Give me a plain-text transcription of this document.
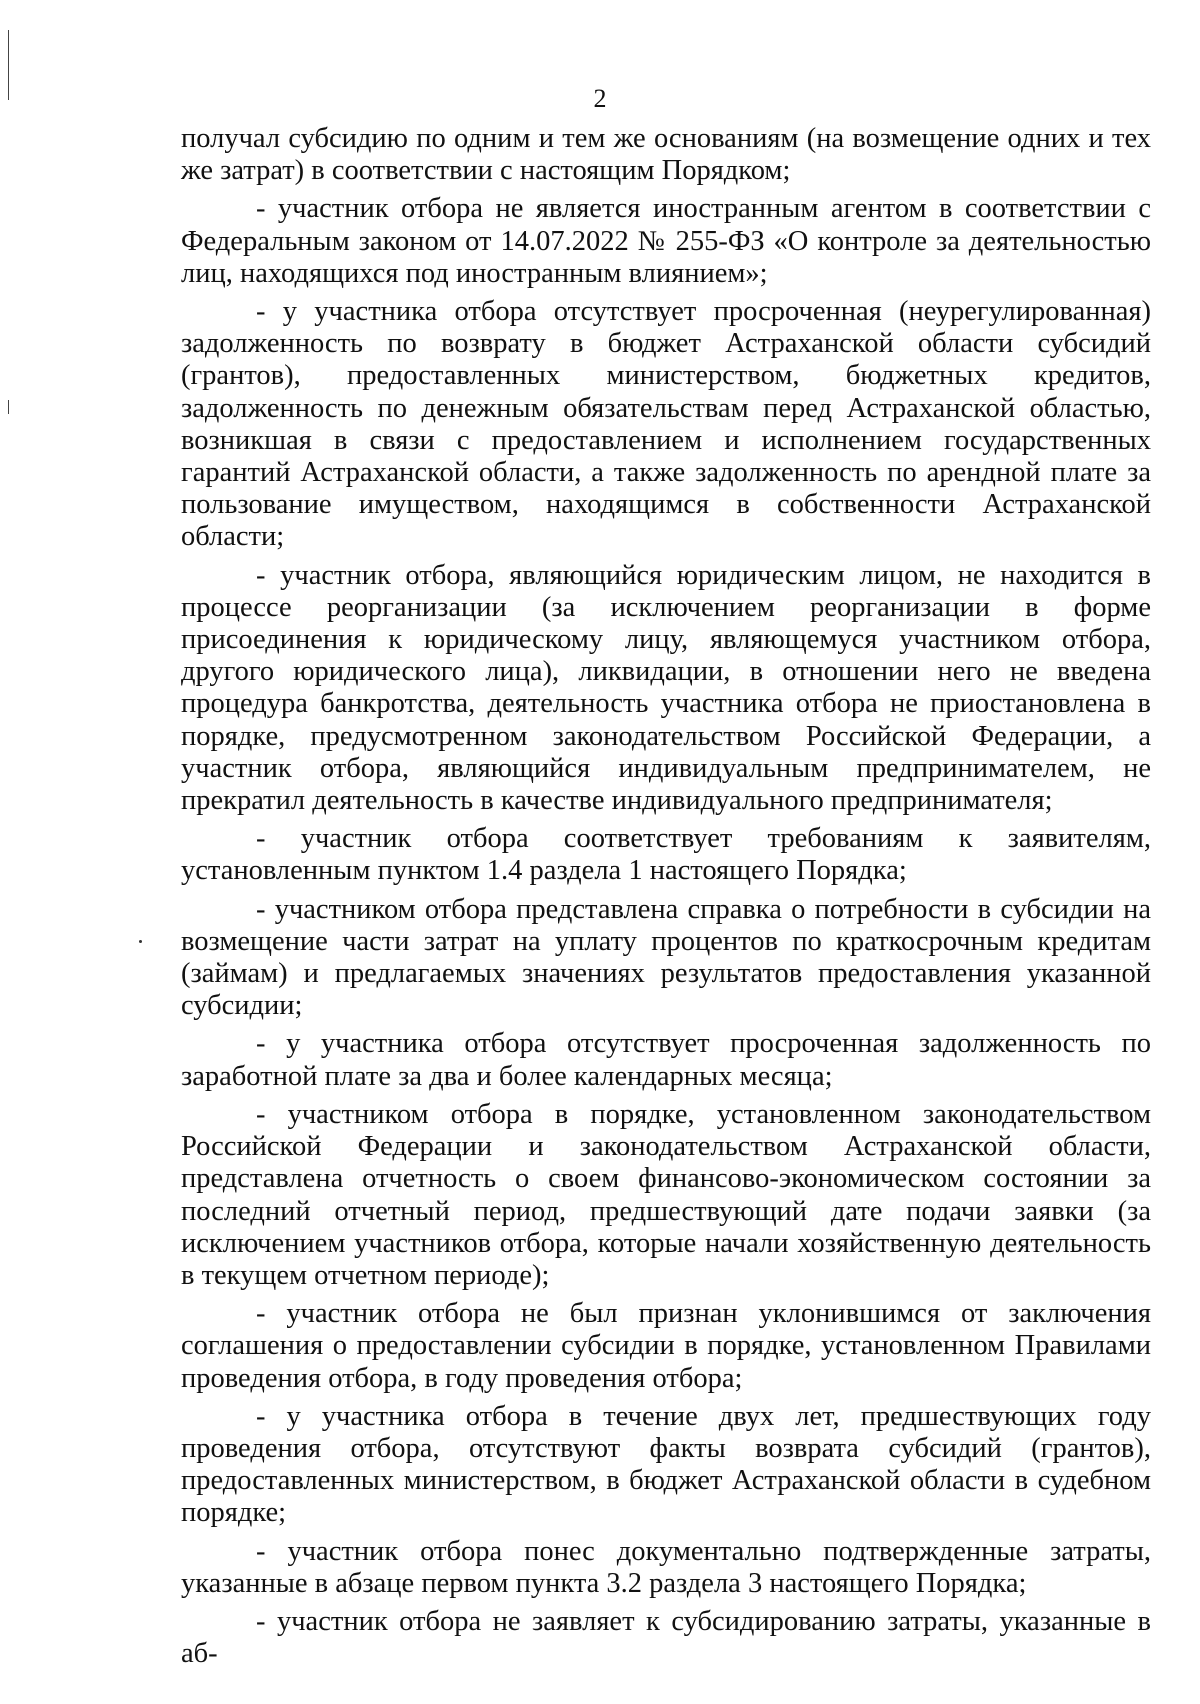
2

получал субсидию по одним и тем же основаниям (на возмещение одних и тех же затрат) в соответствии с настоящим Порядком;

- участник отбора не является иностранным агентом в соответствии с Федеральным законом от 14.07.2022 № 255-ФЗ «О контроле за деятельностью лиц, находящихся под иностранным влиянием»;

- у участника отбора отсутствует просроченная (неурегулированная) задолженность по возврату в бюджет Астраханской области субсидий (грантов), предоставленных министерством, бюджетных кредитов, задолженность по денежным обязательствам перед Астраханской областью, возникшая в связи с предоставлением и исполнением государственных гарантий Астраханской области, а также задолженность по арендной плате за пользование имуществом, находящимся в собственности Астраханской области;

- участник отбора, являющийся юридическим лицом, не находится в процессе реорганизации (за исключением реорганизации в форме присоединения к юридическому лицу, являющемуся участником отбора, другого юридического лица), ликвидации, в отношении него не введена процедура банкротства, деятельность участника отбора не приостановлена в порядке, предусмотренном законодательством Российской Федерации, а участник отбора, являющийся индивидуальным предпринимателем, не прекратил деятельность в качестве индивидуального предпринимателя;

- участник отбора соответствует требованиям к заявителям, установленным пунктом 1.4 раздела 1 настоящего Порядка;

- участником отбора представлена справка о потребности в субсидии на возмещение части затрат на уплату процентов по краткосрочным кредитам (займам) и предлагаемых значениях результатов предоставления указанной субсидии;

- у участника отбора отсутствует просроченная задолженность по заработной плате за два и более календарных месяца;

- участником отбора в порядке, установленном законодательством Российской Федерации и законодательством Астраханской области, представлена отчетность о своем финансово-экономическом состоянии за последний отчетный период, предшествующий дате подачи заявки (за исключением участников отбора, которые начали хозяйственную деятельность в текущем отчетном периоде);

- участник отбора не был признан уклонившимся от заключения соглашения о предоставлении субсидии в порядке, установленном Правилами проведения отбора, в году проведения отбора;

- у участника отбора в течение двух лет, предшествующих году проведения отбора, отсутствуют факты возврата субсидий (грантов), предоставленных министерством, в бюджет Астраханской области в судебном порядке;

- участник отбора понес документально подтвержденные затраты, указанные в абзаце первом пункта 3.2 раздела 3 настоящего Порядка;

- участник отбора не заявляет к субсидированию затраты, указанные в аб-
